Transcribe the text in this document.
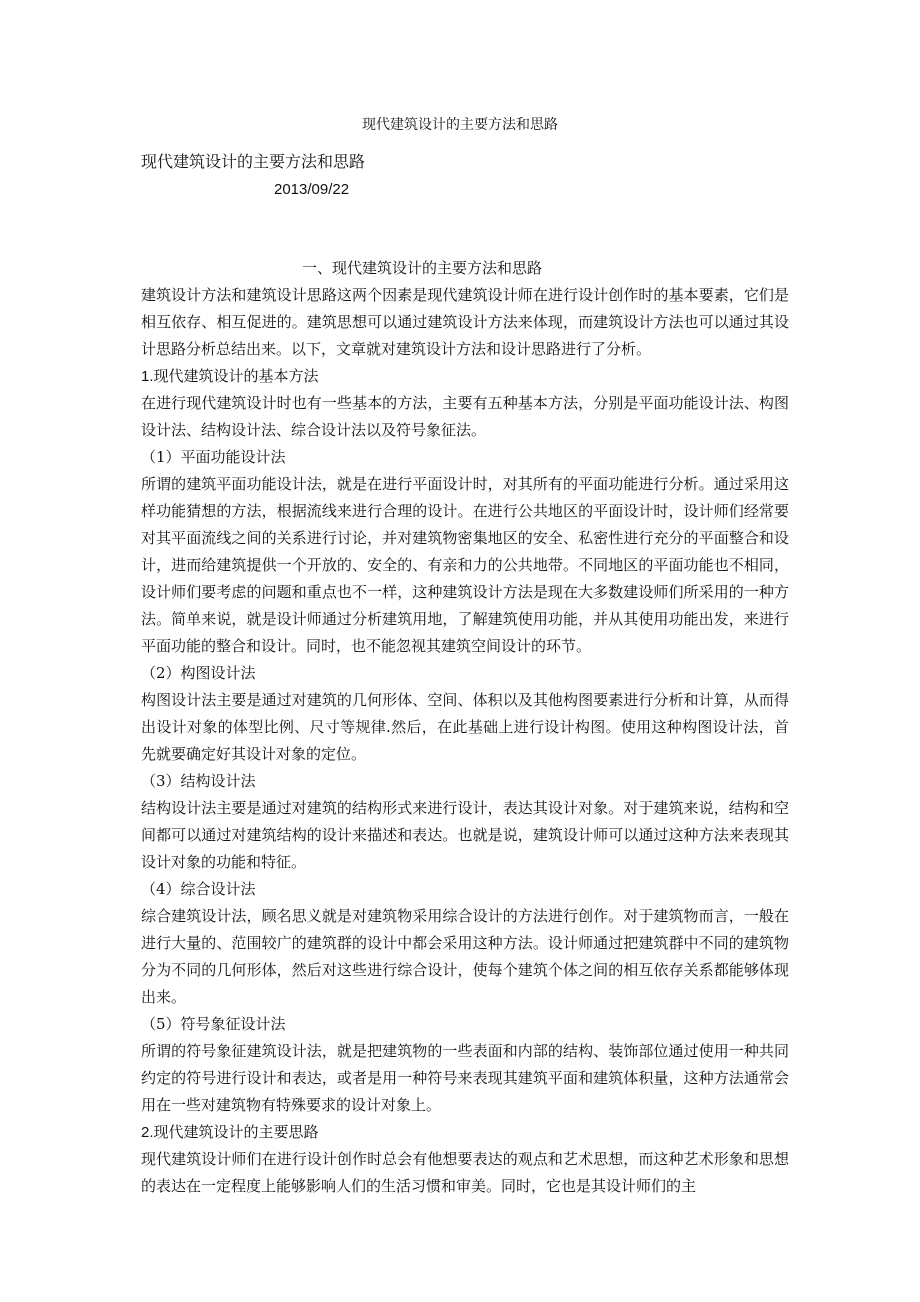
现代建筑设计的主要方法和思路
现代建筑设计的主要方法和思路
2013/09/22

一、现代建筑设计的主要方法和思路

建筑设计方法和建筑设计思路这两个因素是现代建筑设计师在进行设计创作时的基本要素，它们是相互依存、相互促进的。建筑思想可以通过建筑设计方法来体现，而建筑设计方法也可以通过其设计思路分析总结出来。以下，文章就对建筑设计方法和设计思路进行了分析。

1.现代建筑设计的基本方法

在进行现代建筑设计时也有一些基本的方法，主要有五种基本方法，分别是平面功能设计法、构图设计法、结构设计法、综合设计法以及符号象征法。

（1）平面功能设计法

所谓的建筑平面功能设计法，就是在进行平面设计时，对其所有的平面功能进行分析。通过采用这样功能猜想的方法，根据流线来进行合理的设计。在进行公共地区的平面设计时，设计师们经常要对其平面流线之间的关系进行讨论，并对建筑物密集地区的安全、私密性进行充分的平面整合和设计，进而给建筑提供一个开放的、安全的、有亲和力的公共地带。不同地区的平面功能也不相同，设计师们要考虑的问题和重点也不一样，这种建筑设计方法是现在大多数建设师们所采用的一种方法。简单来说，就是设计师通过分析建筑用地，了解建筑使用功能，并从其使用功能出发，来进行平面功能的整合和设计。同时，也不能忽视其建筑空间设计的环节。

（2）构图设计法

构图设计法主要是通过对建筑的几何形体、空间、体积以及其他构图要素进行分析和计算，从而得出设计对象的体型比例、尺寸等规律.然后，在此基础上进行设计构图。使用这种构图设计法，首先就要确定好其设计对象的定位。

（3）结构设计法

结构设计法主要是通过对建筑的结构形式来进行设计，表达其设计对象。对于建筑来说，结构和空间都可以通过对建筑结构的设计来描述和表达。也就是说，建筑设计师可以通过这种方法来表现其设计对象的功能和特征。

（4）综合设计法

综合建筑设计法，顾名思义就是对建筑物采用综合设计的方法进行创作。对于建筑物而言，一般在进行大量的、范围较广的建筑群的设计中都会采用这种方法。设计师通过把建筑群中不同的建筑物分为不同的几何形体，然后对这些进行综合设计，使每个建筑个体之间的相互依存关系都能够体现出来。

（5）符号象征设计法

所谓的符号象征建筑设计法，就是把建筑物的一些表面和内部的结构、装饰部位通过使用一种共同约定的符号进行设计和表达，或者是用一种符号来表现其建筑平面和建筑体积量，这种方法通常会用在一些对建筑物有特殊要求的设计对象上。

2.现代建筑设计的主要思路

现代建筑设计师们在进行设计创作时总会有他想要表达的观点和艺术思想，而这种艺术形象和思想的表达在一定程度上能够影响人们的生活习惯和审美。同时，它也是其设计师们的主
